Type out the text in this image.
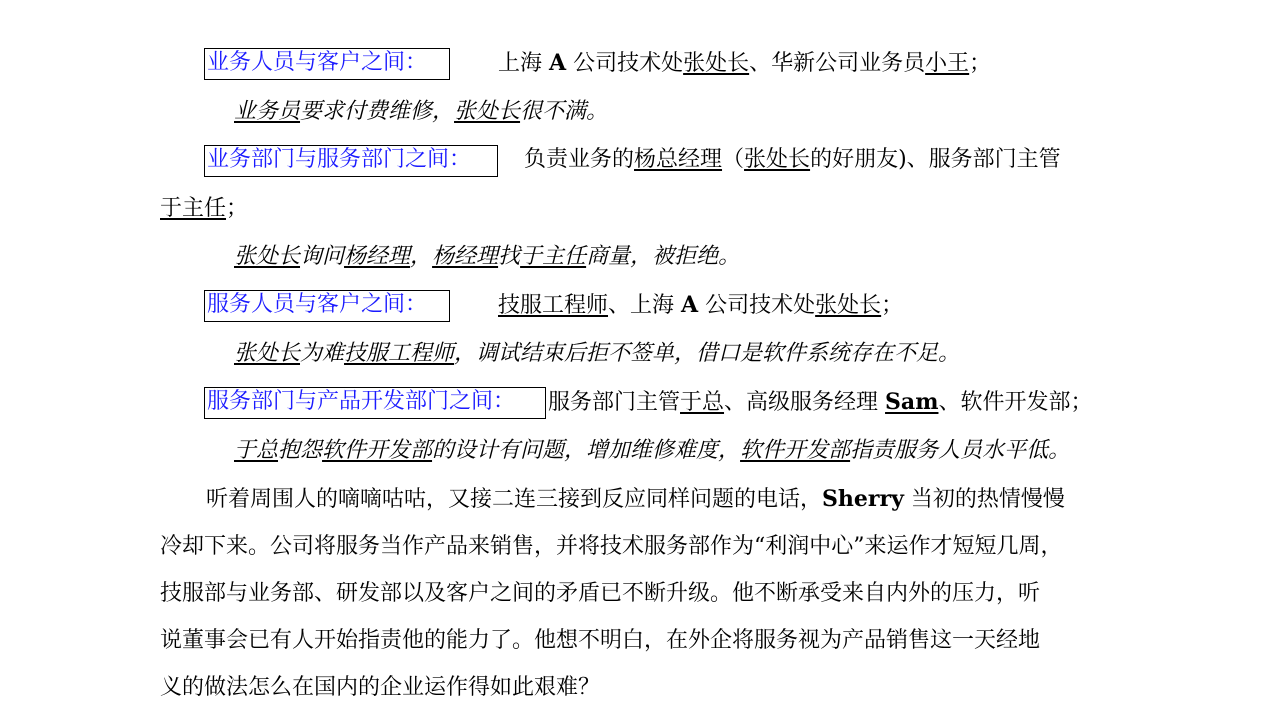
业务人员与客户之间：	上海 A 公司技术处张处长、华新公司业务员小王；
业务员要求付费维修，张处长很不满。
业务部门与服务部门之间：	负责业务的杨总经理（张处长的好朋友)、服务部门主管
于主任；
张处长询问杨经理，杨经理找于主任商量，被拒绝。
服务人员与客户之间：	技服工程师、上海 A 公司技术处张处长；
张处长为难技服工程师，调试结束后拒不签单，借口是软件系统存在不足。
服务部门与产品开发部门之间：	服务部门主管于总、高级服务经理 Sam、软件开发部；
于总抱怨软件开发部的设计有问题，增加维修难度，软件开发部指责服务人员水平低。
听着周围人的嘀嘀咕咕，又接二连三接到反应同样问题的电话，Sherry 当初的热情慢慢
冷却下来。公司将服务当作产品来销售，并将技术服务部作为“利润中心”来运作才短短几周，
技服部与业务部、研发部以及客户之间的矛盾已不断升级。他不断承受来自内外的压力，听
说董事会已有人开始指责他的能力了。他想不明白，在外企将服务视为产品销售这一天经地
义的做法怎么在国内的企业运作得如此艰难？
